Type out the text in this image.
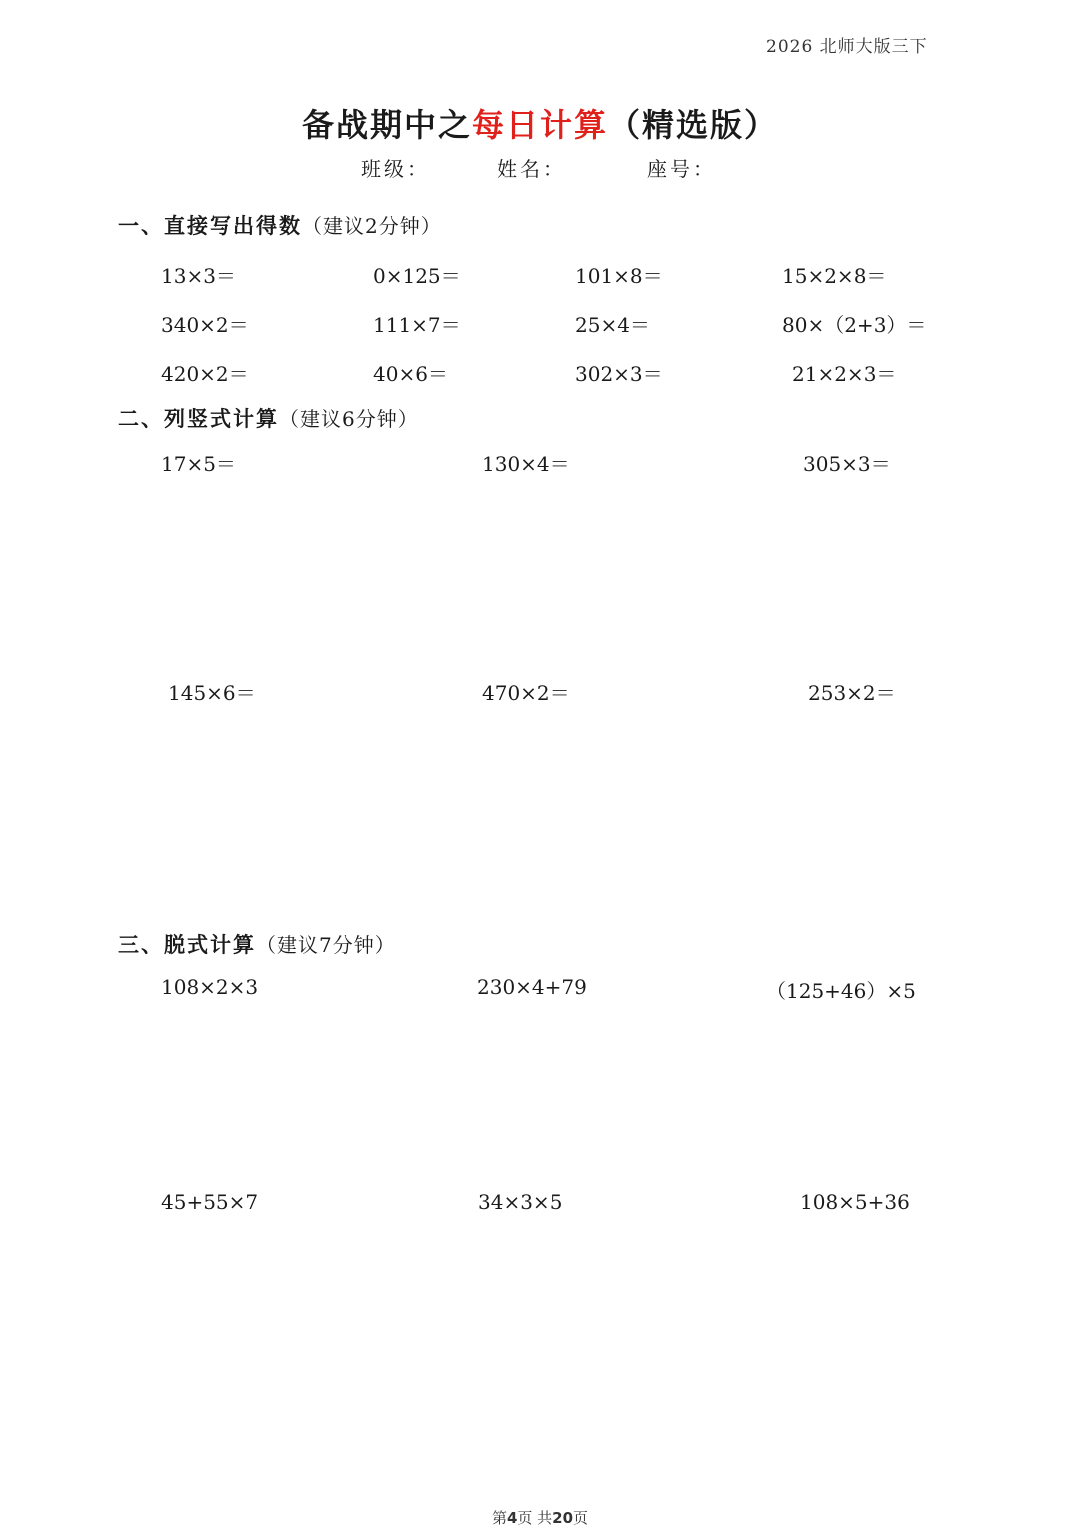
2026 北师大版三下
备战期中之每日计算（精选版）
班级：	姓名：	座号：
一、直接写出得数（建议2分钟）
13×3＝	0×125＝	101×8＝	15×2×8＝
340×2＝	111×7＝	25×4＝	80×（2+3）＝
420×2＝	40×6＝	302×3＝	21×2×3＝
二、列竖式计算（建议6分钟）
17×5＝	130×4＝	305×3＝
145×6＝	470×2＝	253×2＝
三、脱式计算（建议7分钟）
108×2×3	230×4+79	（125+46）×5
45+55×7	34×3×5	108×5+36
第4页 共20页
